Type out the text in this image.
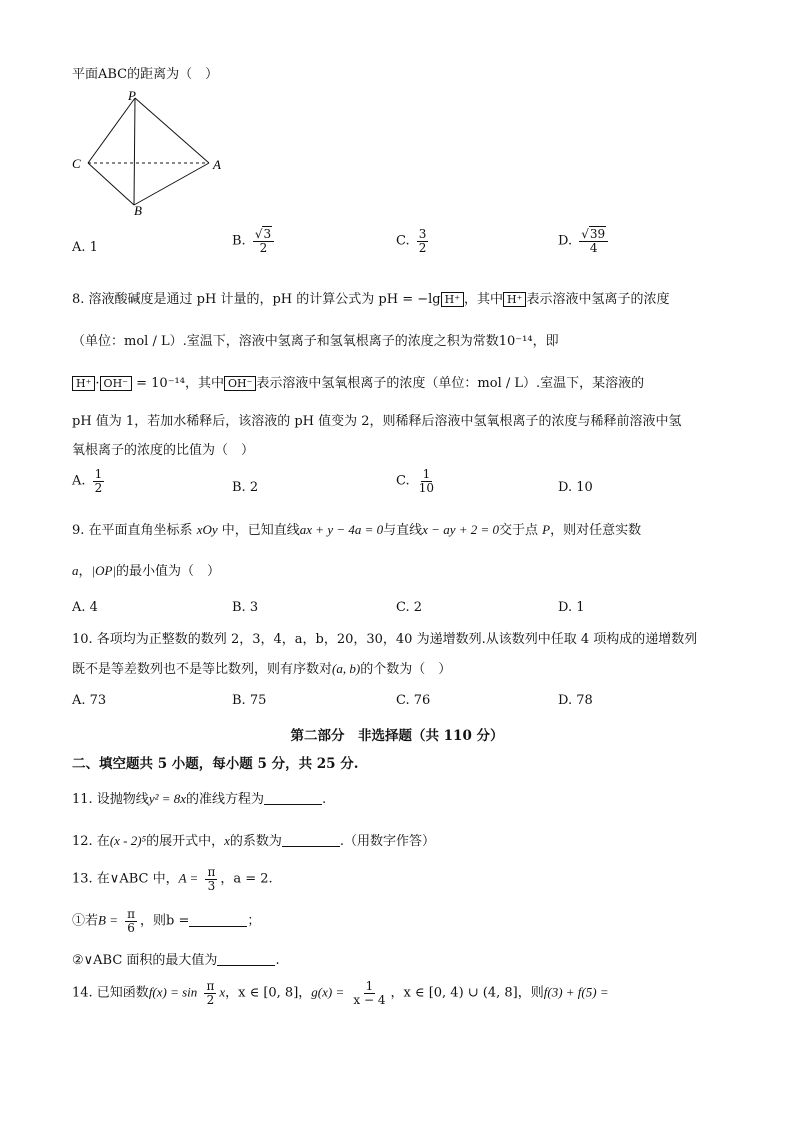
平面ABC的距离为（　）
P
C	A
B
A. 1	B. $\frac{√3}{2}$	C. $\frac{3}{2}$	D. $\frac{√39}{4}$
8. 溶液酸碱度是通过 pH 计量的，pH 的计算公式为 pH = −lg H⁺ ，其中 H⁺ 表示溶液中氢离子的浓度
（单位：mol / L）.室温下，溶液中氢离子和氢氧根离子的浓度之积为常数10⁻¹⁴，即
H⁺ · OH⁻ = 10⁻¹⁴，其中 OH⁻ 表示溶液中氢氧根离子的浓度（单位：mol / L）.室温下，某溶液的
pH 值为 1，若加水稀释后，该溶液的 pH 值变为 2，则稀释后溶液中氢氧根离子的浓度与稀释前溶液中氢
氧根离子的浓度的比值为（　）
A. $\frac{1}{2}$	B. 2	C. $\frac{1}{10}$	D. 10
9. 在平面直角坐标系 xOy 中，已知直线ax + y − 4a = 0与直线x − ay + 2 = 0交于点 P，则对任意实数
a，|OP|的最小值为（　）
A. 4	B. 3	C. 2	D. 1
10. 各项均为正整数的数列 2，3，4，a，b，20，30，40 为递增数列.从该数列中任取 4 项构成的递增数列
既不是等差数列也不是等比数列，则有序数对(a, b)的个数为（　）
A. 73	B. 75	C. 76	D. 78
第二部分　非选择题（共 110 分）
二、填空题共 5 小题，每小题 5 分，共 25 分.
11. 设抛物线y² = 8x的准线方程为	.
12. 在(x - 2)⁵的展开式中，x的系数为	.（用数字作答）
13. 在∨ABC 中，$A = \frac{\pi}{3}$ ，a = 2.
①若$B = \frac{\pi}{6}$ ，则b =	；
②∨ABC 面积的最大值为	.
14. 已知函数$f(x) = \sin \frac{\pi}{2}$ x，x ∈ [0, 8]，$g(x) = \frac{1}{x - 4}$ ，x ∈ [0, 4) ∪ (4, 8]，则f(3) + f(5) =
